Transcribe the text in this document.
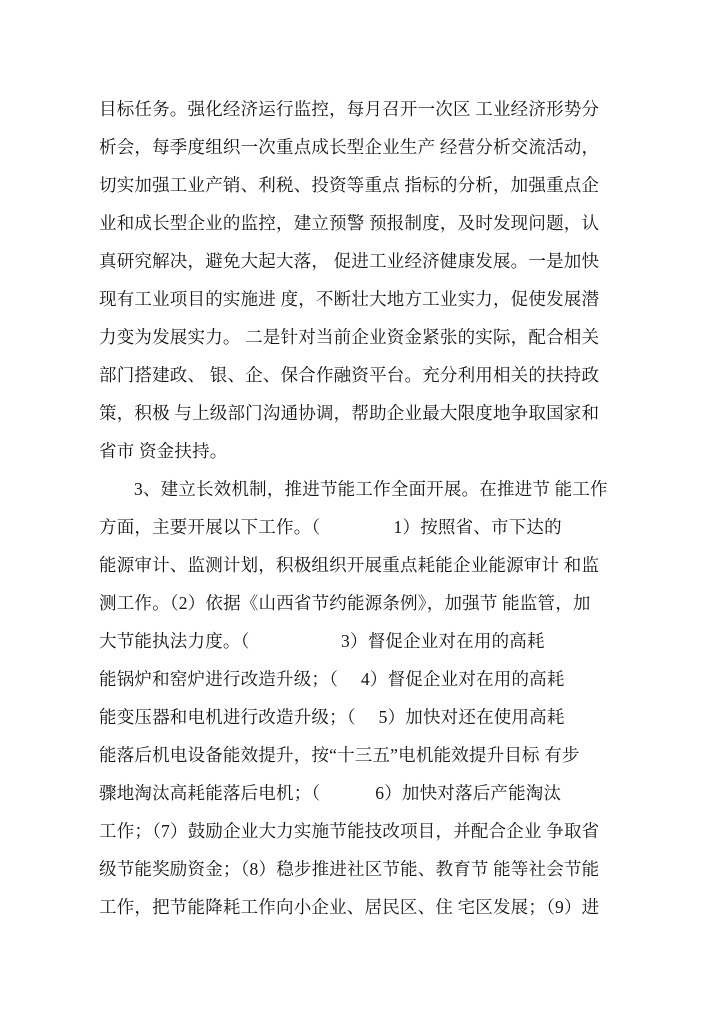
目标任务。强化经济运行监控，每月召开一次区 工业经济形势分
析会，每季度组织一次重点成长型企业生产 经营分析交流活动，
切实加强工业产销、利税、投资等重点 指标的分析，加强重点企
业和成长型企业的监控，建立预警 预报制度，及时发现问题，认
真研究解决，避免大起大落， 促进工业经济健康发展。一是加快
现有工业项目的实施进 度，不断壮大地方工业实力，促使发展潜
力变为发展实力。 二是针对当前企业资金紧张的实际，配合相关
部门搭建政、 银、企、保合作融资平台。充分利用相关的扶持政
策，积极 与上级部门沟通协调，帮助企业最大限度地争取国家和
省市 资金扶持。
3、建立长效机制，推进节能工作全面开展。在推进节 能工作
方面，主要开展以下工作。（                1）按照省、市下达的
能源审计、监测计划，积极组织开展重点耗能企业能源审计 和监
测工作。（2）依据《山西省节约能源条例》，加强节 能监管，加
大节能执法力度。（                    3）督促企业对在用的高耗
能锅炉和窑炉进行改造升级；（     4）督促企业对在用的高耗
能变压器和电机进行改造升级；（     5）加快对还在使用高耗
能落后机电设备能效提升，按“十三五”电机能效提升目标 有步
骤地淘汰高耗能落后电机；（            6）加快对落后产能淘汰
工作；（7）鼓励企业大力实施节能技改项目，并配合企业 争取省
级节能奖励资金；（8）稳步推进社区节能、教育节 能等社会节能
工作，把节能降耗工作向小企业、居民区、住 宅区发展；（9）进
